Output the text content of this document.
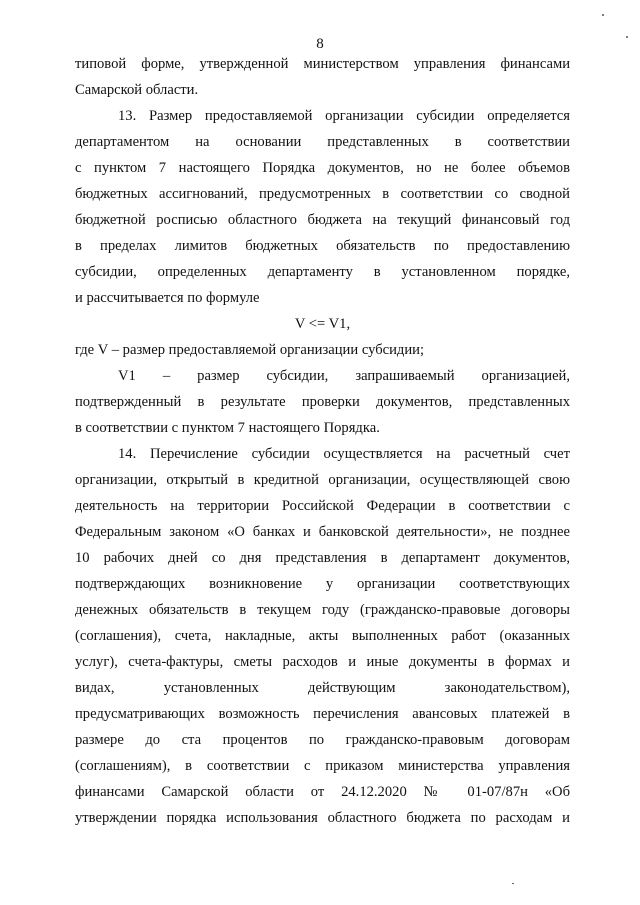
8
типовой форме, утвержденной министерством управления финансами
Самарской области.
13. Размер предоставляемой организации субсидии определяется
департаментом на основании представленных в соответствии
с пунктом 7 настоящего Порядка документов, но не более объемов
бюджетных ассигнований, предусмотренных в соответствии со сводной
бюджетной росписью областного бюджета на текущий финансовый год
в пределах лимитов бюджетных обязательств по предоставлению
субсидии, определенных департаменту в установленном порядке,
и рассчитывается по формуле
V <= V1,
где V – размер предоставляемой организации субсидии;
V1 – размер субсидии, запрашиваемый организацией,
подтвержденный в результате проверки документов, представленных
в соответствии с пунктом 7 настоящего Порядка.
14. Перечисление субсидии осуществляется на расчетный счет
организации, открытый в кредитной организации, осуществляющей свою
деятельность на территории Российской Федерации в соответствии с
Федеральным законом «О банках и банковской деятельности», не позднее
10 рабочих дней со дня представления в департамент документов,
подтверждающих возникновение у организации соответствующих
денежных обязательств в текущем году (гражданско-правовые договоры
(соглашения), счета, накладные, акты выполненных работ (оказанных
услуг), счета-фактуры, сметы расходов и иные документы в формах и
видах, установленных действующим законодательством),
предусматривающих возможность перечисления авансовых платежей в
размере до ста процентов по гражданско-правовым договорам
(соглашениям), в соответствии с приказом министерства управления
финансами Самарской области от 24.12.2020 № 01-07/87н «Об
утверждении порядка использования областного бюджета по расходам и
